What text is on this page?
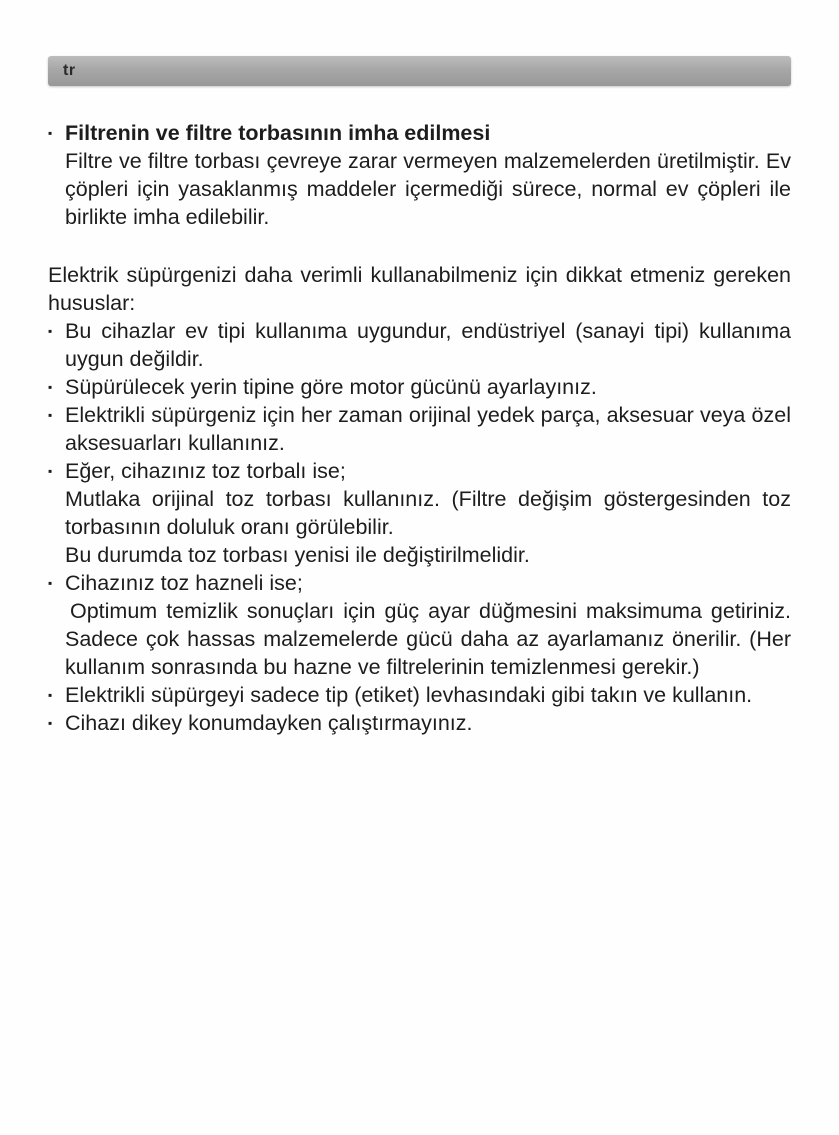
tr
▪ Filtrenin ve filtre torbasının imha edilmesi

Filtre ve filtre torbası çevreye zarar vermeyen malzemelerden üretilmiştir. Ev çöpleri için yasaklanmış maddeler içermediği sürece, normal ev çöpleri ile birlikte imha edilebilir.

Elektrik süpürgenizi daha verimli kullanabilmeniz için dikkat etmeniz gereken hususlar:

▪ Bu cihazlar ev tipi kullanıma uygundur, endüstriyel (sanayi tipi) kullanıma uygun değildir.

▪ Süpürülecek yerin tipine göre motor gücünü ayarlayınız.

▪ Elektrikli süpürgeniz için her zaman orijinal yedek parça, aksesuar veya özel aksesuarları kullanınız.

▪ Eğer, cihazınız toz torbalı ise;

Mutlaka orijinal toz torbası kullanınız. (Filtre değişim göstergesinden toz torbasının doluluk oranı görülebilir.

Bu durumda toz torbası yenisi ile değiştirilmelidir.

▪ Cihazınız toz hazneli ise;

Optimum temizlik sonuçları için güç ayar düğmesini maksimuma getiriniz. Sadece çok hassas malzemelerde gücü daha az ayarlamanız önerilir. (Her kullanım sonrasında bu hazne ve filtrelerinin temizlenmesi gerekir.)

▪ Elektrikli süpürgeyi sadece tip (etiket) levhasındaki gibi takın ve kullanın.

▪ Cihazı dikey konumdayken çalıştırmayınız.
